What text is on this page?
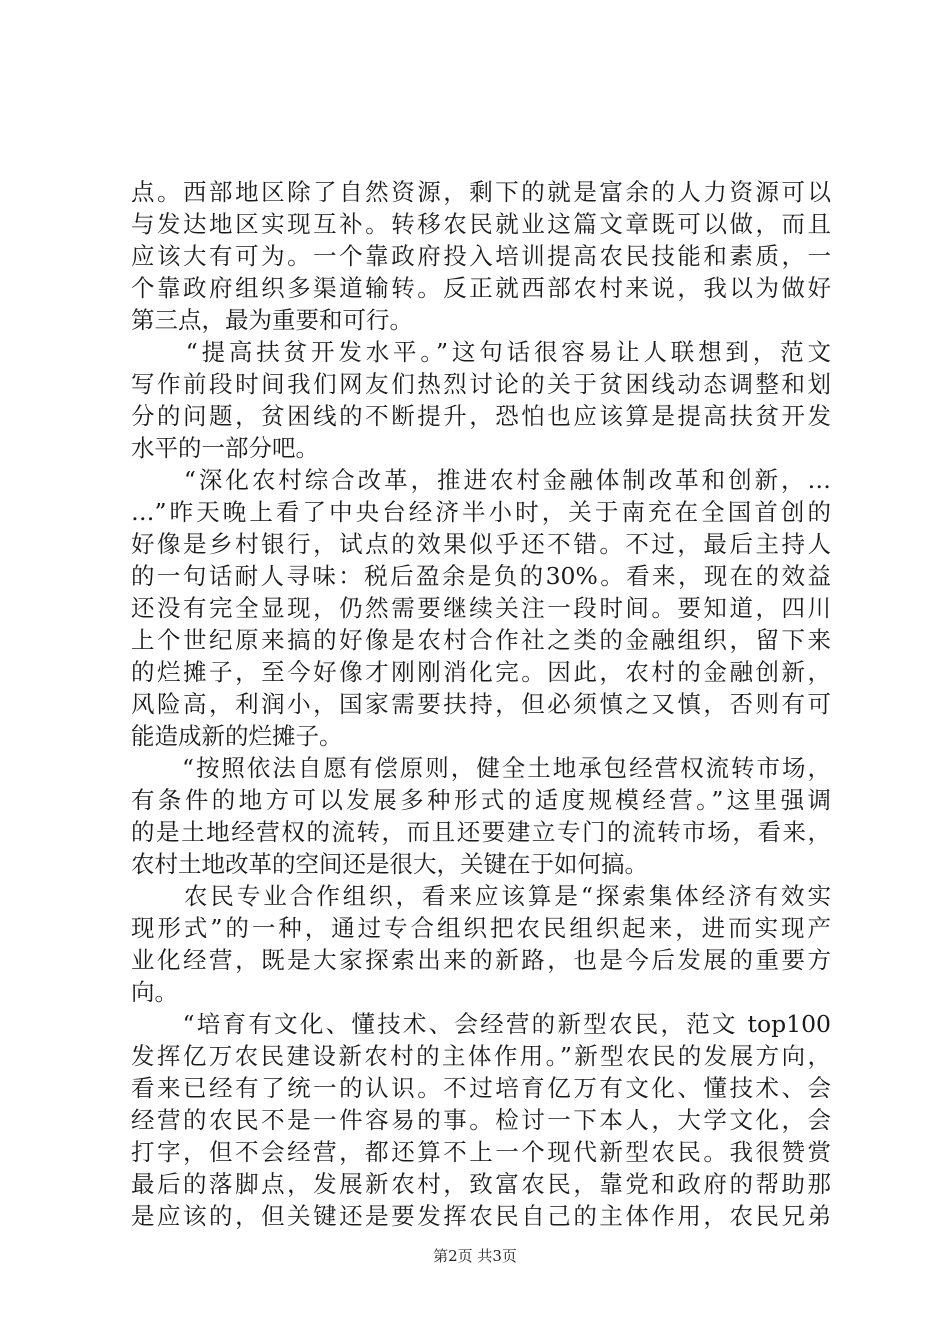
点。西部地区除了自然资源，剩下的就是富余的人力资源可以
与发达地区实现互补。转移农民就业这篇文章既可以做，而且
应该大有可为。一个靠政府投入培训提高农民技能和素质，一
个靠政府组织多渠道输转。反正就西部农村来说，我以为做好
第三点，最为重要和可行。
　　“提高扶贫开发水平。”这句话很容易让人联想到，范文
写作前段时间我们网友们热烈讨论的关于贫困线动态调整和划
分的问题，贫困线的不断提升，恐怕也应该算是提高扶贫开发
水平的一部分吧。
　　“深化农村综合改革，推进农村金融体制改革和创新，…
…”昨天晚上看了中央台经济半小时，关于南充在全国首创的
好像是乡村银行，试点的效果似乎还不错。不过，最后主持人
的一句话耐人寻味：税后盈余是负的30%。看来，现在的效益
还没有完全显现，仍然需要继续关注一段时间。要知道，四川
上个世纪原来搞的好像是农村合作社之类的金融组织，留下来
的烂摊子，至今好像才刚刚消化完。因此，农村的金融创新，
风险高，利润小，国家需要扶持，但必须慎之又慎，否则有可
能造成新的烂摊子。
　　“按照依法自愿有偿原则，健全土地承包经营权流转市场，
有条件的地方可以发展多种形式的适度规模经营。”这里强调
的是土地经营权的流转，而且还要建立专门的流转市场，看来，
农村土地改革的空间还是很大，关键在于如何搞。
　　农民专业合作组织，看来应该算是“探索集体经济有效实
现形式”的一种，通过专合组织把农民组织起来，进而实现产
业化经营，既是大家探索出来的新路，也是今后发展的重要方
向。
　　“培育有文化、懂技术、会经营的新型农民，范文 top100
发挥亿万农民建设新农村的主体作用。”新型农民的发展方向，
看来已经有了统一的认识。不过培育亿万有文化、懂技术、会
经营的农民不是一件容易的事。检讨一下本人，大学文化，会
打字，但不会经营，都还算不上一个现代新型农民。我很赞赏
最后的落脚点，发展新农村，致富农民，靠党和政府的帮助那
是应该的，但关键还是要发挥农民自己的主体作用，农民兄弟
第2页 共3页
